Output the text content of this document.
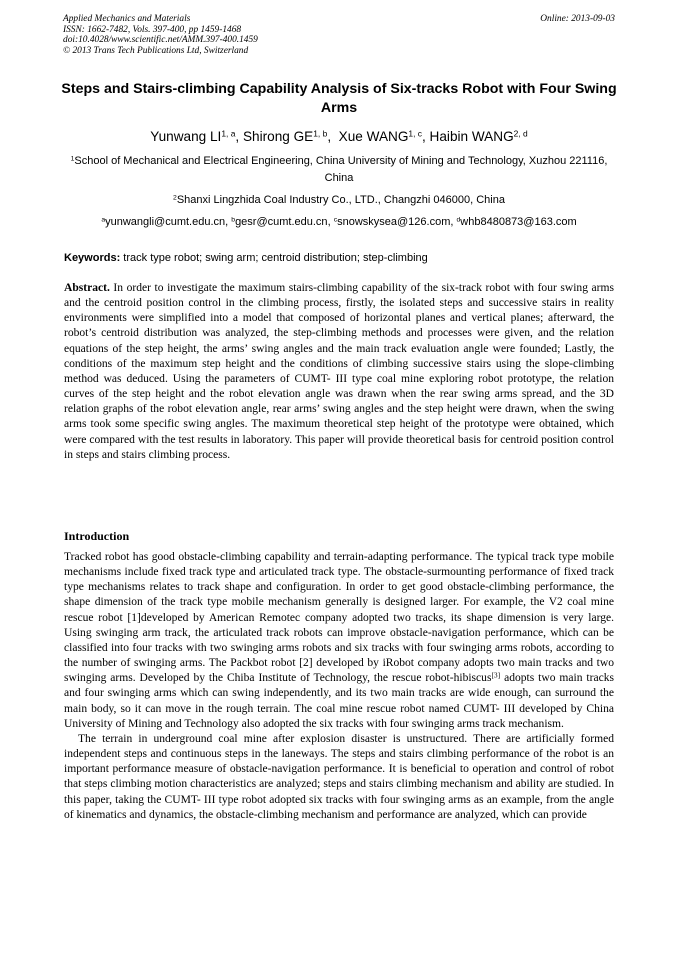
Applied Mechanics and Materials
ISSN: 1662-7482, Vols. 397-400, pp 1459-1468
doi:10.4028/www.scientific.net/AMM.397-400.1459
© 2013 Trans Tech Publications Ltd, Switzerland
Online: 2013-09-03
Steps and Stairs-climbing Capability Analysis of Six-tracks Robot with Four Swing Arms
Yunwang LI$^{1, a}$, Shirong GE$^{1, b}$,  Xue WANG$^{1, c}$, Haibin WANG$^{2, d}$
$^1$School of Mechanical and Electrical Engineering, China University of Mining and Technology, Xuzhou 221116, China
$^2$Shanxi Lingzhida Coal Industry Co., LTD., Changzhi 046000, China
$^a$yunwangli@cumt.edu.cn, $^b$gesr@cumt.edu.cn, $^c$snowskysea@126.com, $^d$whb8480873@163.com
Keywords: track type robot; swing arm; centroid distribution; step-climbing
Abstract. In order to investigate the maximum stairs-climbing capability of the six-track robot with four swing arms and the centroid position control in the climbing process, firstly, the isolated steps and successive stairs in reality environments were simplified into a model that composed of horizontal planes and vertical planes; afterward, the robot’s centroid distribution was analyzed, the step-climbing methods and processes were given, and the relation equations of the step height, the arms’ swing angles and the main track evaluation angle were founded; Lastly, the conditions of the maximum step height and the conditions of climbing successive stairs using the slope-climbing method was deduced. Using the parameters of CUMT- III type coal mine exploring robot prototype, the relation curves of the step height and the robot elevation angle was drawn when the rear swing arms spread, and the 3D relation graphs of the robot elevation angle, rear arms’ swing angles and the step height were drawn, when the swing arms took some specific swing angles. The maximum theoretical step height of the prototype were obtained, which were compared with the test results in laboratory. This paper will provide theoretical basis for centroid position control in steps and stairs climbing process.
Introduction

Tracked robot has good obstacle-climbing capability and terrain-adapting performance. The typical track type mobile mechanisms include fixed track type and articulated track type. The obstacle-surmounting performance of fixed track type mechanisms relates to track shape and configuration. In order to get good obstacle-climbing performance, the shape dimension of the track type mobile mechanism generally is designed larger. For example, the V2 coal mine rescue robot [1]developed by American Remotec company adopted two tracks, its shape dimension is very large. Using swinging arm track, the articulated track robots can improve obstacle-navigation performance, which can be classified into four tracks with two swinging arms robots and six tracks with four swinging arms robots, according to the number of swinging arms. The Packbot robot [2] developed by iRobot company adopts two main tracks and two swinging arms. Developed by the Chiba Institute of Technology, the rescue robot-hibiscus[3] adopts two main tracks and four swinging arms which can swing independently, and its two main tracks are wide enough, can surround the main body, so it can move in the rough terrain. The coal mine rescue robot named CUMT- III developed by China University of Mining and Technology also adopted the six tracks with four swinging arms track mechanism.

The terrain in underground coal mine after explosion disaster is unstructured. There are artificially formed independent steps and continuous steps in the laneways. The steps and stairs climbing performance of the robot is an important performance measure of obstacle-navigation performance. It is beneficial to operation and control of robot that steps climbing motion characteristics are analyzed; steps and stairs climbing mechanism and ability are studied. In this paper, taking the CUMT- III type robot adopted six tracks with four swinging arms as an example, from the angle of kinematics and dynamics, the obstacle-climbing mechanism and performance are analyzed, which can provide
